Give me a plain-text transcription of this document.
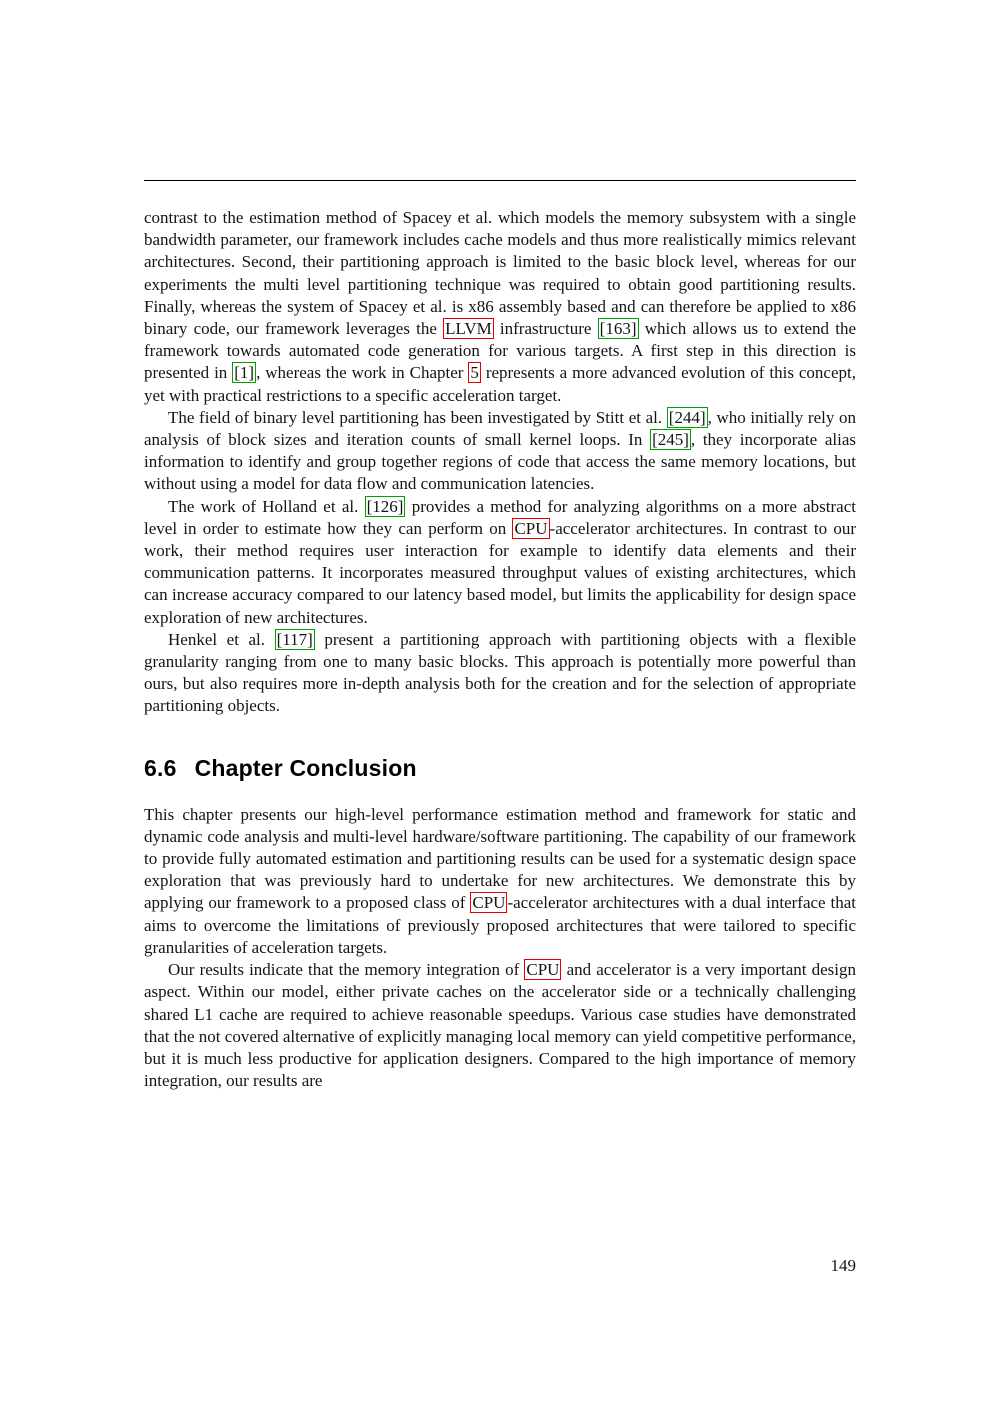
contrast to the estimation method of Spacey et al. which models the memory subsystem with a single bandwidth parameter, our framework includes cache models and thus more realistically mimics relevant architectures. Second, their partitioning approach is limited to the basic block level, whereas for our experiments the multi level partitioning technique was required to obtain good partitioning results. Finally, whereas the system of Spacey et al. is x86 assembly based and can therefore be applied to x86 binary code, our framework leverages the LLVM infrastructure [163] which allows us to extend the framework towards automated code generation for various targets. A first step in this direction is presented in [1] , whereas the work in Chapter 5 represents a more advanced evolution of this concept, yet with practical restrictions to a specific acceleration target.

The field of binary level partitioning has been investigated by Stitt et al. [244] , who initially rely on analysis of block sizes and iteration counts of small kernel loops. In [245] , they incorporate alias information to identify and group together regions of code that access the same memory locations, but without using a model for data flow and communication latencies.

The work of Holland et al. [126] provides a method for analyzing algorithms on a more abstract level in order to estimate how they can perform on CPU -accelerator architectures. In contrast to our work, their method requires user interaction for example to identify data elements and their communication patterns. It incorporates measured throughput values of existing architectures, which can increase accuracy compared to our latency based model, but limits the applicability for design space exploration of new architectures.

Henkel et al. [117] present a partitioning approach with partitioning objects with a flexible granularity ranging from one to many basic blocks. This approach is potentially more powerful than ours, but also requires more in-depth analysis both for the creation and for the selection of appropriate partitioning objects.

6.6 Chapter Conclusion

This chapter presents our high-level performance estimation method and framework for static and dynamic code analysis and multi-level hardware/software partitioning. The capability of our framework to provide fully automated estimation and partitioning results can be used for a systematic design space exploration that was previously hard to undertake for new architectures. We demonstrate this by applying our framework to a proposed class of CPU -accelerator architectures with a dual interface that aims to overcome the limitations of previously proposed architectures that were tailored to specific granularities of acceleration targets.

Our results indicate that the memory integration of CPU and accelerator is a very important design aspect. Within our model, either private caches on the accelerator side or a technically challenging shared L1 cache are required to achieve reasonable speedups. Various case studies have demonstrated that the not covered alternative of explicitly managing local memory can yield competitive performance, but it is much less productive for application designers. Compared to the high importance of memory integration, our results are

149
